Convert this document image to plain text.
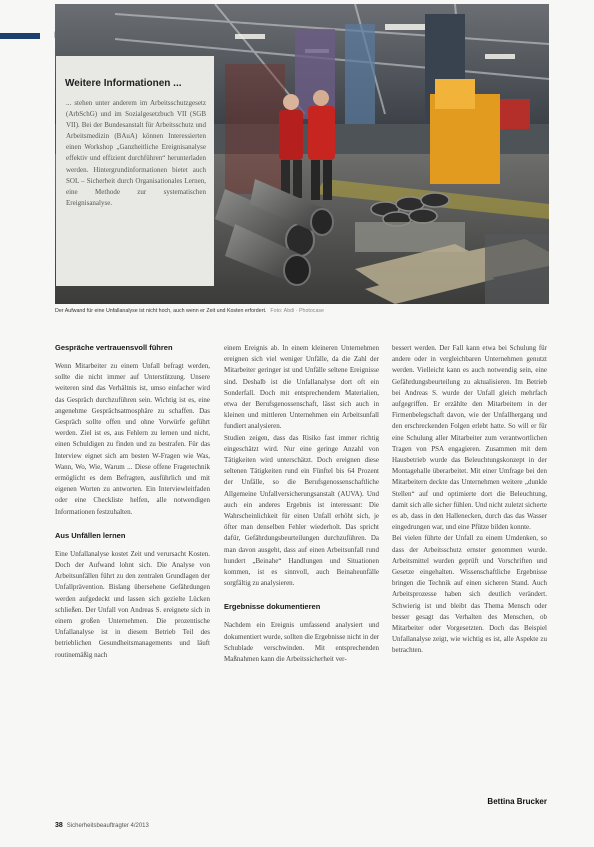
Weitere Informationen ...
... stehen unter anderem im Arbeitsschutzgesetz (ArbSchG) und im Sozialgesetzbuch VII (SGB VII). Bei der Bundesanstalt für Arbeitsschutz und Arbeitsmedizin (BAuA) können Interessierten einen Workshop „Ganzheitliche Ereignisanalyse effektiv und effizient durchführen“ herunterladen werden. Hintergrundinformationen bietet auch SOL – Sicherheit durch Organisationales Lernen, eine Methode zur systematischen Ereignisanalyse.
Der Aufwand für eine Unfallanalyse ist nicht hoch, auch wenn er Zeit und Kosten erfordert. Foto: Abdi · Photocase
Gespräche vertrauensvoll führen

Wenn Mitarbeiter zu einem Unfall befragt werden, sollte die nicht immer auf Unterstützung. Unsere weiteren sind das Verhältnis ist, umso einfacher wird das Gespräch durchzuführen sein. Wichtig ist es, eine angenehme Gesprächsatmosphäre zu schaffen. Das Gespräch sollte offen und ohne Vorwürfe geführt werden. Ziel ist es, aus Fehlern zu lernen und nicht, einen Schuldigen zu finden und zu bestrafen. Für das Interview eignet sich am besten W-Fragen wie Was, Wann, Wo, Wie, Warum ... Diese offene Fragetechnik ermöglicht es dem Befragten, ausführlich und mit eigenen Worten zu antworten. Ein Interviewleitfaden oder eine Checkliste helfen, alle notwendigen Informationen festzuhalten.

Aus Unfällen lernen

Eine Unfallanalyse kostet Zeit und verursacht Kosten. Doch der Aufwand lohnt sich. Die Analyse von Arbeitsunfällen führt zu den zentralen Grundlagen der Unfallprävention. Bislang übersehene Gefährdungen werden aufgedeckt und lassen sich gezielte Lücken schließen. Der Unfall von Andreas S. ereignete sich in einem großen Unternehmen. Die prozentische Unfallanalyse ist in diesem Betrieb Teil des betrieblichen Gesundheitsmanagements und läuft routinemäßig nach

einem Ereignis ab. In einem kleineren Unternehmen ereignen sich viel weniger Unfälle, da die Zahl der Mitarbeiter geringer ist und Unfälle seltene Ereignisse sind. Deshalb ist die Unfallanalyse dort oft ein Sonderfall. Doch mit entsprechendem Materialien, etwa der Berufsgenossenschaft, lässt sich auch in kleinen und mittleren Unternehmen ein Arbeitsunfall fundiert analysieren.

Studien zeigen, dass das Risiko fast immer richtig eingeschätzt wird. Nur eine geringe Anzahl von Tätigkeiten wird unterschätzt. Doch ereignen diese seltenen Tätigkeiten rund ein Fünftel bis 64 Prozent der Unfälle, so die Berufsgenossenschaftliche Allgemeine Unfallversicherungsanstalt (AUVA). Und auch ein anderes Ergebnis ist interessant: Die Wahrscheinlichkeit für einen Unfall erhöht sich, je öfter man denselben Fehler wiederholt. Das spricht dafür, Gefährdungsbeurteilungen durchzuführen. Da man davon ausgeht, dass auf einen Arbeitsunfall rund hundert „Beinahe“ Handlungen und Situationen kommen, ist es sinnvoll, auch Beinaheunfälle sorgfältig zu analysieren.

Ergebnisse dokumentieren

Nachdem ein Ereignis umfassend analysiert und dokumentiert wurde, sollten die Ergebnisse nicht in der Schublade verschwinden. Mit entsprechenden Maßnahmen kann die Arbeitssicherheit ver-

bessert werden. Der Fall kann etwa bei Schulung für andere oder in vergleichbaren Unternehmen genutzt werden. Vielleicht kann es auch notwendig sein, eine Gefährdungsbeurteilung zu aktualisieren. Im Betrieb bei Andreas S. wurde der Unfall gleich mehrfach aufgegriffen. Er erzählte den Mitarbeitern in der Firmenbelegschaft davon, wie der Unfallhergang und den erschreckenden Folgen erlebt hatte. So will er für eine Schulung aller Mitarbeiter zum verantwortlichen Tragen von PSA engagieren. Zusammen mit dem Hausbetrieb wurde das Beleuchtungskonzept in der Montagehalle überarbeitet. Mit einer Umfrage bei den Mitarbeitern deckte das Unternehmen weitere „dunkle Stellen“ auf und optimierte dort die Beleuchtung, damit sich alle sicher fühlen. Und nicht zuletzt sicherte es ab, dass in den Hallenecken, durch das das Wasser eingedrungen war, und eine Pfütze bilden konnte.

Bei vielen führte der Unfall zu einem Umdenken, so dass der Arbeitsschutz ernster genommen wurde. Arbeitsmittel wurden geprüft und Vorschriften und Gesetze eingehalten. Wissenschaftliche Ergebnisse bringen die Technik auf einen sicheren Stand. Auch Arbeitsprozesse haben sich deutlich verändert. Schwierig ist und bleibt das Thema Mensch oder besser gesagt das Verhalten des Menschen, ob Mitarbeiter oder Vorgesetzten. Doch das Beispiel Unfallanalyse zeigt, wie wichtig es ist, alle Aspekte zu betrachten.

Bettina Brucker
38 Sicherheitsbeauftragter 4/2013
